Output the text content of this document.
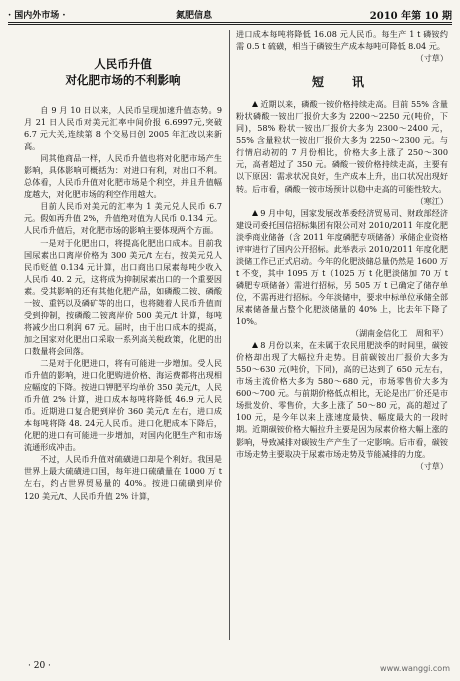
· 国内外市场 ·	氮肥信息	2010 年第 10 期

人民币升值

对化肥市场的不利影响

自 9 月 10 日以来，人民币呈现加速升值态势。9 月 21 日人民币对美元汇率中间价报 6.6997元,突破 6.7 元大关,连续第 8 个交易日创 2005 年汇改以来新高。

同其他商品一样，人民币升值也将对化肥市场产生影响，具体影响可概括为：对进口有利，对出口不利。总体看，人民币升值对化肥市场是个利空，并且升值幅度越大，对化肥市场的利空作用越大。

目前人民币对美元的汇率为 1 美元兑人民币 6.7 元。假如再升值 2%，升值绝对值为人民币 0.134 元。人民币升值后，对化肥市场的影响主要体现两个方面。

一是对于化肥出口，将提高化肥出口成本。目前我国尿素出口离岸价格为 300 美元/t 左右，按美元兑人民币贬值 0.134 元计算，出口商出口尿素每吨少收入人民币 40. 2 元，这将成为抑制尿素出口的一个重要因素。受其影响的还有其他化肥产品，如磷酸二铵、磷酸一铵、重钙以及磷矿等的出口，也将随着人民币升值而受到抑制，按磷酸二铵离岸价 500 美元/t 计算，每吨将减少出口利润 67 元。届时，由于出口成本的提高，加之国家对化肥出口采取一系列高关税政策，化肥的出口数量将会回落。

二是对于化肥进口，将有可能进一步增加。受人民币升值的影响，进口化肥购进价格、海运费都将出现相应幅度的下降。按进口钾肥平均单价 350 美元/t，人民币升值 2% 计算，进口成本每吨将降低 46.9 元人民币。近期进口复合肥到岸价 360 美元/t 左右，进口成本每吨将降 48. 24元人民币。进口化肥成本下降后，化肥的进口有可能进一步增加，对国内化肥生产和市场流通形成冲击。

不过，人民币升值对硫磺进口却是个利好。我国是世界上最大硫磺进口国，每年进口硫磺量在 1000 万 t 左右，约占世界贸易量的 40%。按进口硫磺到岸价 120 美元/t、人民币升值 2% 计算，

进口成本每吨将降低 16.08 元人民币。每生产 1 t 磷铵约需 0.5 t 硫磺，相当于磷铵生产成本每吨可降低 8.04 元。

（寸草）

短　讯

近期以来，磷酸一铵价格持续走高。目前 55% 含量粉状磷酸一铵出厂报价大多为 2200～2250 元(吨价，下同)，58% 粉状一铵出厂报价大多为 2300～2400 元，55% 含量粒状一铵出厂报价大多为 2250～2300 元。与行情启动初的 7 月份相比，价格大多上涨了 250～300 元，高者超过了 350 元。磷酸一铵价格持续走高，主要有以下原因：需求状况良好，生产成本上升，出口状况出现好转。后市看，磷酸一铵市场预计以稳中走高的可能性较大。

（寒江）

9 月中旬，国家发展改革委经济贸易司、财政部经济建设司委托国信招标集团有限公司对 2010/2011 年度化肥淡季商业储备（含 2011 年度磷肥专项储备）承储企业资格评审进行了国内公开招标。此举表示 2010/2011 年度化肥淡储工作已正式启动。今年的化肥淡储总量仍然是 1600 万 t 不变，其中 1095 万 t（1025 万 t 化肥淡储加 70 万 t 磷肥专项储备）需进行招标，另 505 万 t 已确定了储存单位，不需再进行招标。今年淡储中，要求中标单位承储全部尿素储备量占整个化肥淡储量的 40% 上，比去年下降了 10%。

（湖南金信化工　周和平）

8 月份以来，在未属于农民用肥淡季的时间里，碳铵价格却出现了大幅拉升走势。目前碳铵出厂报价大多为 550～630 元(吨价，下同)，高的已达到了 650 元左右，市场主流价格大多为 580～680 元，市场零售价大多为 600～700 元。与前期价格低点相比，无论是出厂价还是市场批发价、零售价，大多上涨了 50～80 元，高的超过了 100 元，是今年以来上涨速度最快、幅度最大的一段时期。近期碳铵价格大幅拉升主要是因为尿素价格大幅上涨的影响，导致减排对碳铵生产产生了一定影响。后市看，碳铵市场走势主要取决于尿素市场走势及节能减排的力度。

（寸草）

· 20 ·	www.wanggi.com
